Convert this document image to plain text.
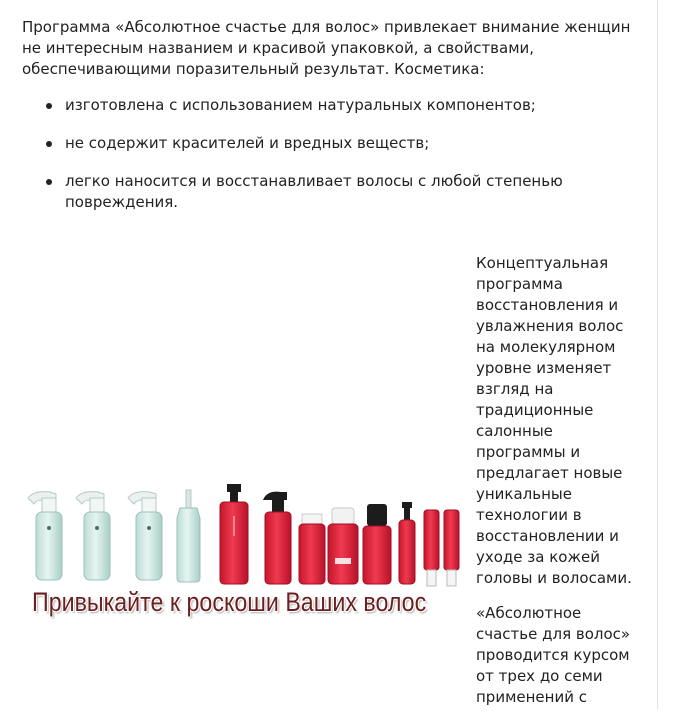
Программа «Абсолютное счастье для волос» привлекает внимание женщин не интересным названием и красивой упаковкой, а свойствами, обеспечивающими поразительный результат. Косметика:

изготовлена с использованием натуральных компонентов;
не содержит красителей и вредных веществ;
легко наносится и восстанавливает волосы с любой степенью повреждения.
Привыкайте к роскоши Ваших волос

Концептуальная программа восстановления и увлажнения волос на молекулярном уровне изменяет взгляд на традиционные салонные программы и предлагает новые уникальные технологии в восстановлении и уходе за кожей головы и волосами.

«Абсолютное счастье для волос» проводится курсом от трех до семи применений с
